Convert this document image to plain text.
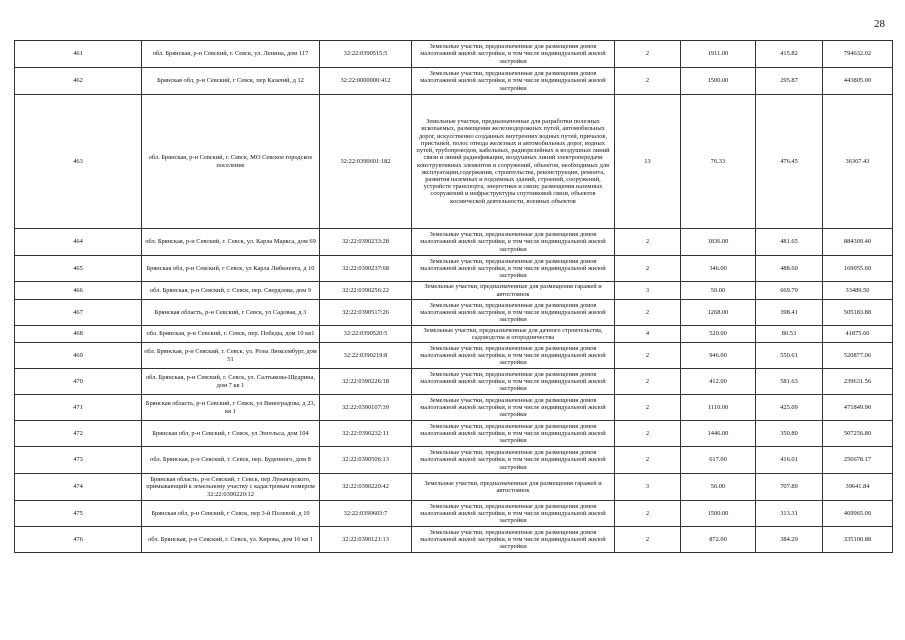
28
461	обл. Брянская, р-н Севский, г. Севск, ул. Ленина, дом 117	32:22:0390515:5	Земельные участки, предназначенные для размещения домов малоэтажной жилой застройки, в том числе индивидуальной жилой застройки	2	1911.00	415.82	794632.02
462	Брянская обл, р-н Севский, г Севск, пер Казачий, д 12	32:22:0000000:412	Земельные участки, предназначенные для размещения домов малоэтажной жилой застройки, в том числе индивидуальной жилой застройки	2	1500.00	295.87	443805.00
463	обл. Брянская, р-н Севский, г. Севск, МО Севское городское поселение	32:22:0390601:182	Земельные участки, предназначенные для разработки полезных ископаемых, размещения железнодорожных путей, автомобильных дорог, искусственно созданных внутренних водных путей, причалов, пристаней, полос отвода железных и автомобильных дорог, водных путей, трубопроводов, кабельных, радиорелейных и воздушных линий связи и линий радиофикации, воздушных линий электропередачи конструктивных элементов и сооружений, объектов, необходимых для эксплуатации,содержания, строительства, реконструкции, ремонта, развития наземных и подземных зданий, строений, сооружений, устройств транспорта, энергетики и связи; размещения наземных сооружений и инфраструктуры спутниковой связи, объектов космической деятельности, военных объектов	13	76.33	476.45	36367.43
464	обл. Брянская, р-н Севский, г. Севск, ул. Карла Маркса, дом 69	32:22:0390233:28	Земельные участки, предназначенные для размещения домов малоэтажной жилой застройки, в том числе индивидуальной жилой застройки	2	1836.00	481.65	884309.40
465	Брянская обл, р-н Севский, г Севск, ул Карла Либкнехта, д 10	32:22:0390237:68	Земельные участки, предназначенные для размещения домов малоэтажной жилой застройки, в том числе индивидуальной жилой застройки	2	346.00	488.60	169055.60
466	обл. Брянская, р-н Севский, г. Севск, пер. Свердлова, дом 9	32:22:0390256:22	Земельные участки, предназначенные для размещения гаражей и автостоянок	3	50.00	669.79	33489.50
467	Брянская область, р-н Севский, г Севск, ул Садовая, д 3	32:22:0390517:26	Земельные участки, предназначенные для размещения домов малоэтажной жилой застройки, в том числе индивидуальной жилой застройки	2	1268.00	398.41	505183.88
468	обл. Брянская, р-н Севский, г. Севск, пер. Победы, дом 10 кв1	32:22:0390520:5	Земельные участки, предназначенные для дачного строительства, садоводства и огородничества	4	520.00	80.53	41875.60
469	обл. Брянская, р-н Севский, г. Севск, ул. Розы Люксембург, дом 51	32:22:0390219:8	Земельные участки, предназначенные для размещения домов малоэтажной жилой застройки, в том числе индивидуальной жилой застройки	2	946.00	550.61	520877.06
470	обл. Брянская, р-н Севский, г. Севск, ул. Салтыкова-Щедрина, дом 7 кв 1	32:22:0390226:18	Земельные участки, предназначенные для размещения домов малоэтажной жилой застройки, в том числе индивидуальной жилой застройки	2	412.00	581.63	239631.56
471	Брянская область, р-н Севский, г Севск, ул Виноградова, д 23, кв 1	32:22:0390107:39	Земельные участки, предназначенные для размещения домов малоэтажной жилой застройки, в том числе индивидуальной жилой застройки	2	1110.00	425.09	471849.90
472	Брянская обл, р-н Севский, г Севск, ул Энгельса, дом 104	32:22:0390232:11	Земельные участки, предназначенные для размещения домов малоэтажной жилой застройки, в том числе индивидуальной жилой застройки	2	1446.00	350.80	507256.80
473	обл. Брянская, р-н Севский, г. Севск, пер. Буденного, дом 8	32:22:0390506:13	Земельные участки, предназначенные для размещения домов малоэтажной жилой застройки, в том числе индивидуальной жилой застройки	2	617.00	416.01	256678.17
474	Брянская область, р-н Севский, г Севск, пер Луначарского, примыкающий к земельному участку с кадастровым номером 32:22:0390220:12	32:22:0390220:42	Земельные участки, предназначенные для размещения гаражей и автостоянок	3	56.00	707.89	39641.84
475	Брянская обл, р-н Севский, г Севск, пер 3-й Полевой, д 10	32:22:0390603:7	Земельные участки, предназначенные для размещения домов малоэтажной жилой застройки, в том числе индивидуальной жилой застройки	2	1500.00	313.31	469965.00
476	обл. Брянская, р-н Севский, г. Севск, ул. Кирова, дом 16 кв 1	32:22:0390121:13	Земельные участки, предназначенные для размещения домов малоэтажной жилой застройки, в том числе индивидуальной жилой застройки	2	872.00	384.29	335100.88
